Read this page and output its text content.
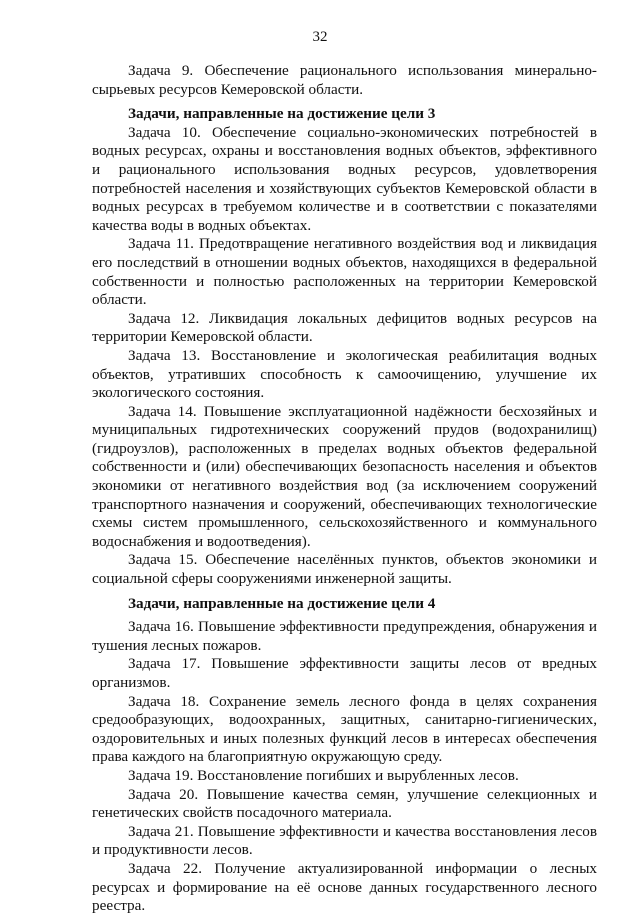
32

Задача 9. Обеспечение рационального использования минерально-сырьевых ресурсов Кемеровской области.

Задачи, направленные на достижение цели 3

Задача 10. Обеспечение социально-экономических потребностей в водных ресурсах, охраны и восстановления водных объектов, эффективного и рационального использования водных ресурсов, удовлетворения потребностей населения и хозяйствующих субъектов Кемеровской области в водных ресурсах в требуемом количестве и в соответствии с показателями качества воды в водных объектах.

Задача 11. Предотвращение негативного воздействия вод и ликвидация его последствий в отношении водных объектов, находящихся в федеральной собственности и полностью расположенных на территории Кемеровской области.

Задача 12. Ликвидация локальных дефицитов водных ресурсов на территории Кемеровской области.

Задача 13. Восстановление и экологическая реабилитация водных объектов, утративших способность к самоочищению, улучшение их экологического состояния.

Задача 14. Повышение эксплуатационной надёжности бесхозяйных и муниципальных гидротехнических сооружений прудов (водохранилищ) (гидроузлов), расположенных в пределах водных объектов федеральной собственности и (или) обеспечивающих безопасность населения и объектов экономики от негативного воздействия вод (за исключением сооружений транспортного назначения и сооружений, обеспечивающих технологические схемы систем промышленного, сельскохозяйственного и коммунального водоснабжения и водоотведения).

Задача 15. Обеспечение населённых пунктов, объектов экономики и социальной сферы сооружениями инженерной защиты.

Задачи, направленные на достижение цели 4

Задача 16. Повышение эффективности предупреждения, обнаружения и тушения лесных пожаров.

Задача 17. Повышение эффективности защиты лесов от вредных организмов.

Задача 18. Сохранение земель лесного фонда в целях сохранения средообразующих, водоохранных, защитных, санитарно-гигиенических, оздоровительных и иных полезных функций лесов в интересах обеспечения права каждого на благоприятную окружающую среду.

Задача 19. Восстановление погибших и вырубленных лесов.

Задача 20. Повышение качества семян, улучшение селекционных и генетических свойств посадочного материала.

Задача 21. Повышение эффективности и качества восстановления лесов и продуктивности лесов.

Задача 22. Получение актуализированной информации о лесных ресурсах и формирование на её основе данных государственного лесного реестра.
